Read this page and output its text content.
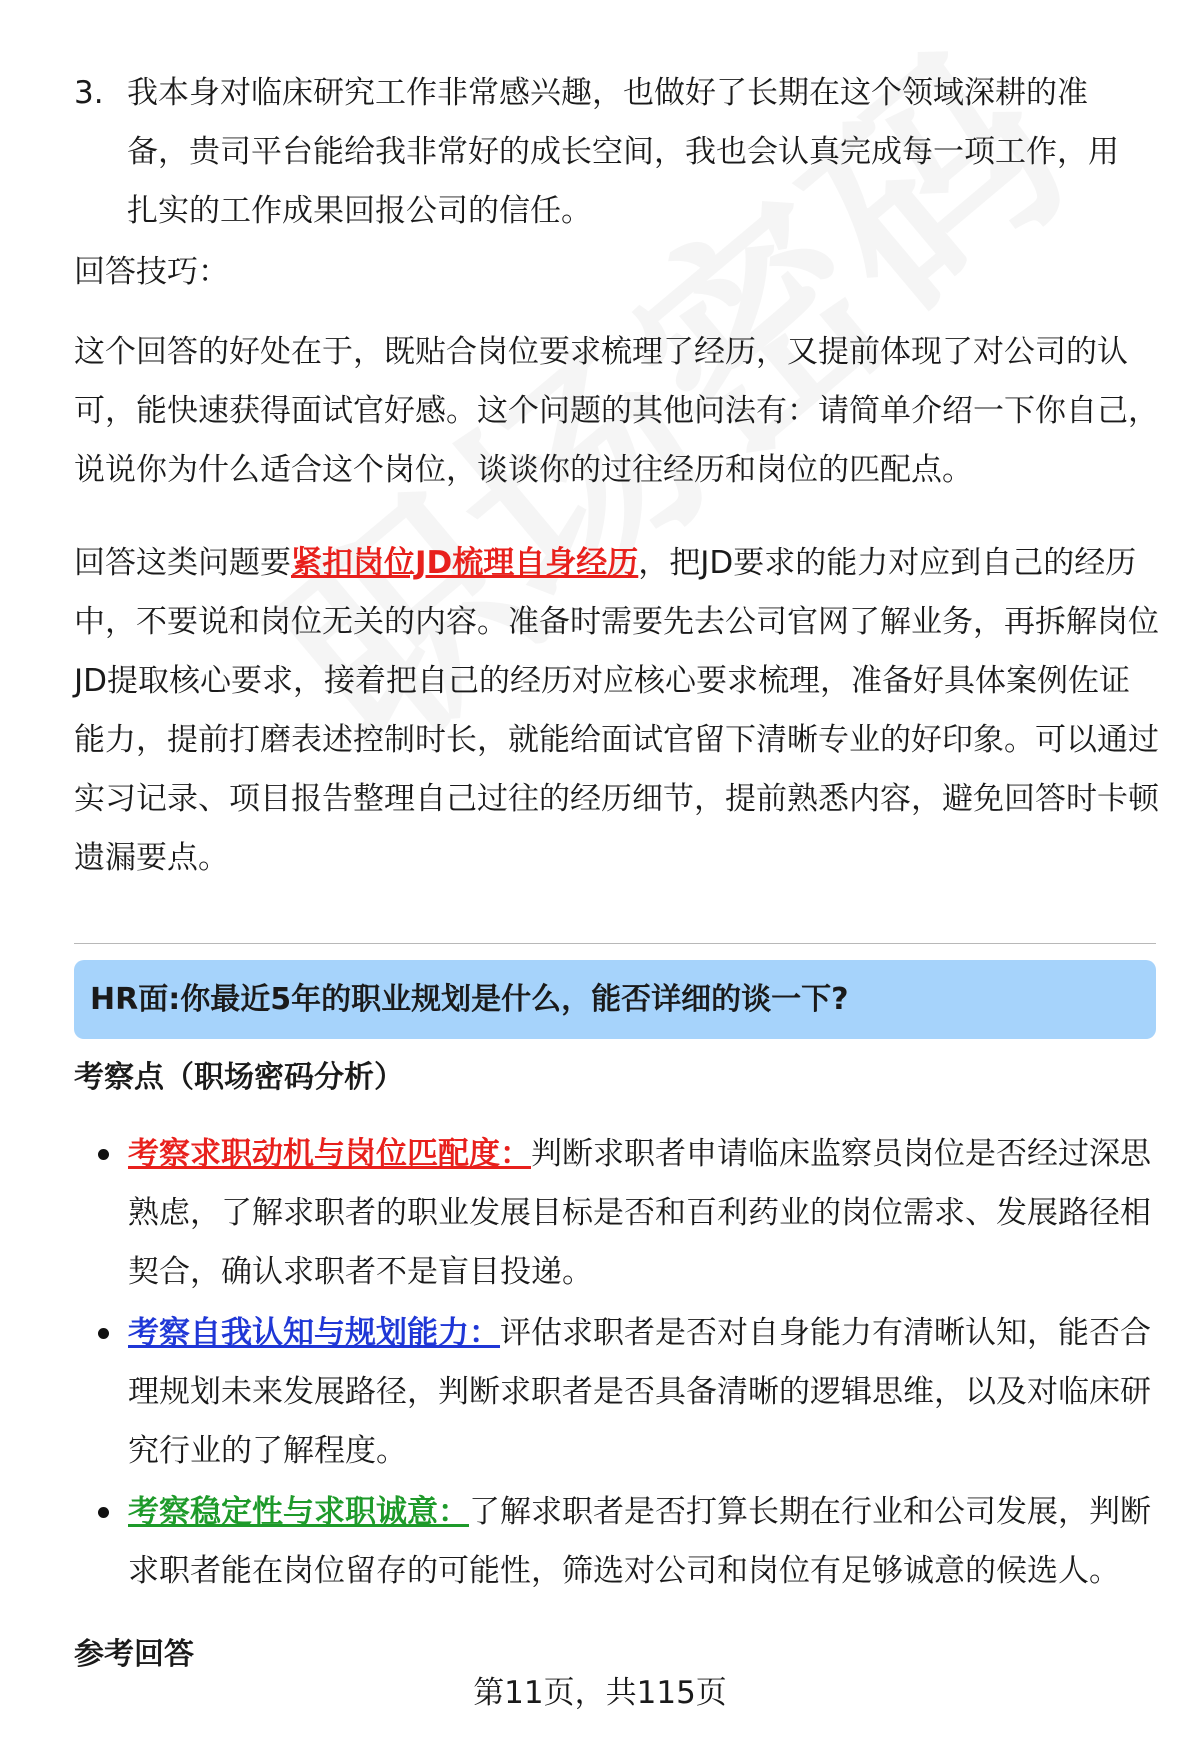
3. 我本身对临床研究工作非常感兴趣，也做好了长期在这个领域深耕的准备，贵司平台能给我非常好的成长空间，我也会认真完成每一项工作，用扎实的工作成果回报公司的信任。
回答技巧：
这个回答的好处在于，既贴合岗位要求梳理了经历，又提前体现了对公司的认可，能快速获得面试官好感。这个问题的其他问法有：请简单介绍一下你自己，说说你为什么适合这个岗位，谈谈你的过往经历和岗位的匹配点。
回答这类问题要紧扣岗位JD梳理自身经历，把JD要求的能力对应到自己的经历中，不要说和岗位无关的内容。准备时需要先去公司官网了解业务，再拆解岗位JD提取核心要求，接着把自己的经历对应核心要求梳理，准备好具体案例佐证能力，提前打磨表述控制时长，就能给面试官留下清晰专业的好印象。可以通过实习记录、项目报告整理自己过往的经历细节，提前熟悉内容，避免回答时卡顿遗漏要点。
HR面:你最近5年的职业规划是什么，能否详细的谈一下?
考察点（职场密码分析）
考察求职动机与岗位匹配度：判断求职者申请临床监察员岗位是否经过深思熟虑，了解求职者的职业发展目标是否和百利药业的岗位需求、发展路径相契合，确认求职者不是盲目投递。
考察自我认知与规划能力：评估求职者是否对自身能力有清晰认知，能否合理规划未来发展路径，判断求职者是否具备清晰的逻辑思维，以及对临床研究行业的了解程度。
考察稳定性与求职诚意：了解求职者是否打算长期在行业和公司发展，判断求职者能在岗位留存的可能性，筛选对公司和岗位有足够诚意的候选人。
参考回答
第11页，共115页
